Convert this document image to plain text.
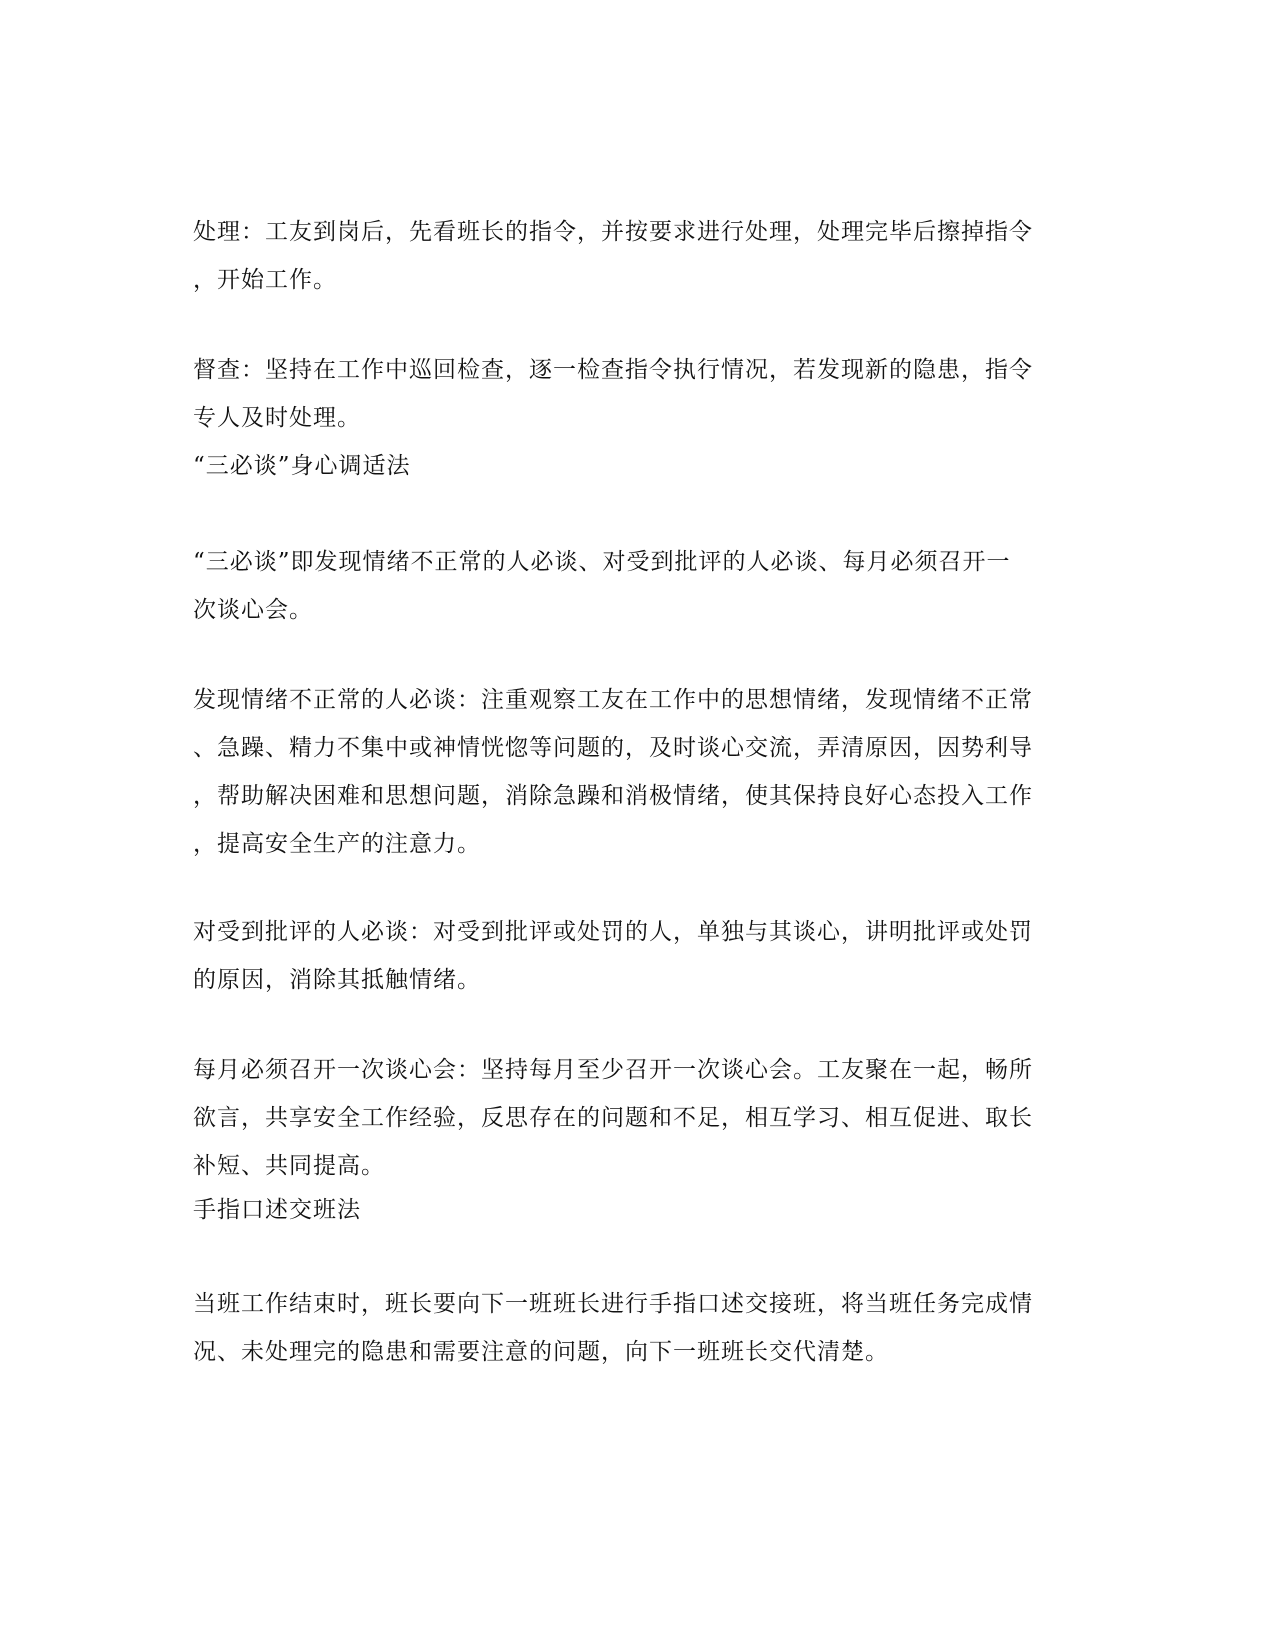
处理：工友到岗后，先看班长的指令，并按要求进行处理，处理完毕后擦掉指令
，开始工作。

督查：坚持在工作中巡回检查，逐一检查指令执行情况，若发现新的隐患，指令
专人及时处理。

“三必谈”身心调适法

“三必谈”即发现情绪不正常的人必谈、对受到批评的人必谈、每月必须召开一
次谈心会。

发现情绪不正常的人必谈：注重观察工友在工作中的思想情绪，发现情绪不正常
、急躁、精力不集中或神情恍惚等问题的，及时谈心交流，弄清原因，因势利导
，帮助解决困难和思想问题，消除急躁和消极情绪，使其保持良好心态投入工作
，提高安全生产的注意力。

对受到批评的人必谈：对受到批评或处罚的人，单独与其谈心，讲明批评或处罚
的原因，消除其抵触情绪。

每月必须召开一次谈心会：坚持每月至少召开一次谈心会。工友聚在一起，畅所
欲言，共享安全工作经验，反思存在的问题和不足，相互学习、相互促进、取长
补短、共同提高。

手指口述交班法

当班工作结束时，班长要向下一班班长进行手指口述交接班，将当班任务完成情
况、未处理完的隐患和需要注意的问题，向下一班班长交代清楚。
